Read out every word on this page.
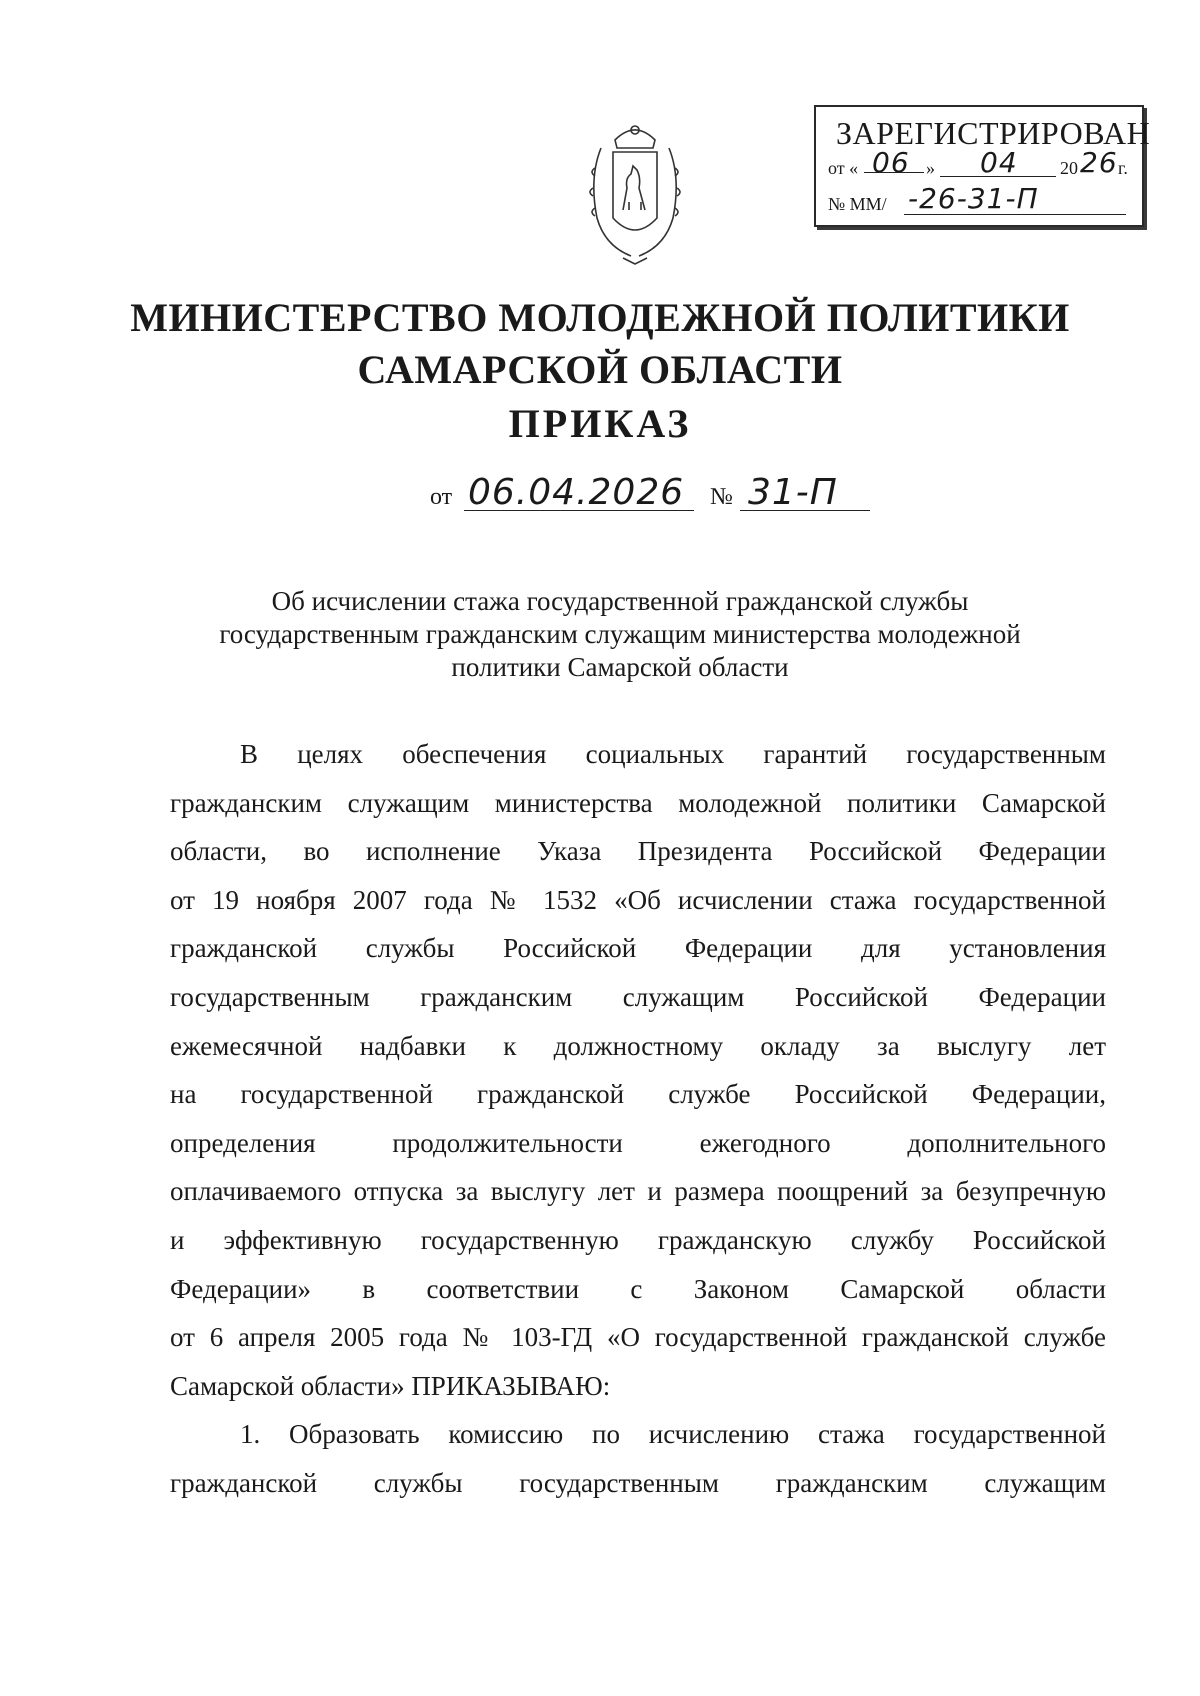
ЗАРЕГИСТРИРОВАН
от « 06 » 04 20 26 г.
№ ММ/ -26-31-П
МИНИСТЕРСТВО МОЛОДЕЖНОЙ ПОЛИТИКИ
САМАРСКОЙ ОБЛАСТИ
ПРИКАЗ
от 06.04.2026 № 31-П
Об исчислении стажа государственной гражданской службы
государственным гражданским служащим министерства молодежной
политики Самарской области
В целях обеспечения социальных гарантий государственным
гражданским служащим министерства молодежной политики Самарской
области, во исполнение Указа Президента Российской Федерации
от 19 ноября 2007 года № 1532 «Об исчислении стажа государственной
гражданской службы Российской Федерации для установления
государственным гражданским служащим Российской Федерации
ежемесячной надбавки к должностному окладу за выслугу лет
на государственной гражданской службе Российской Федерации,
определения продолжительности ежегодного дополнительного
оплачиваемого отпуска за выслугу лет и размера поощрений за безупречную
и эффективную государственную гражданскую службу Российской
Федерации» в соответствии с Законом Самарской области
от 6 апреля 2005 года № 103-ГД «О государственной гражданской службе
Самарской области» ПРИКАЗЫВАЮ:
1. Образовать комиссию по исчислению стажа государственной
гражданской службы государственным гражданским служащим
